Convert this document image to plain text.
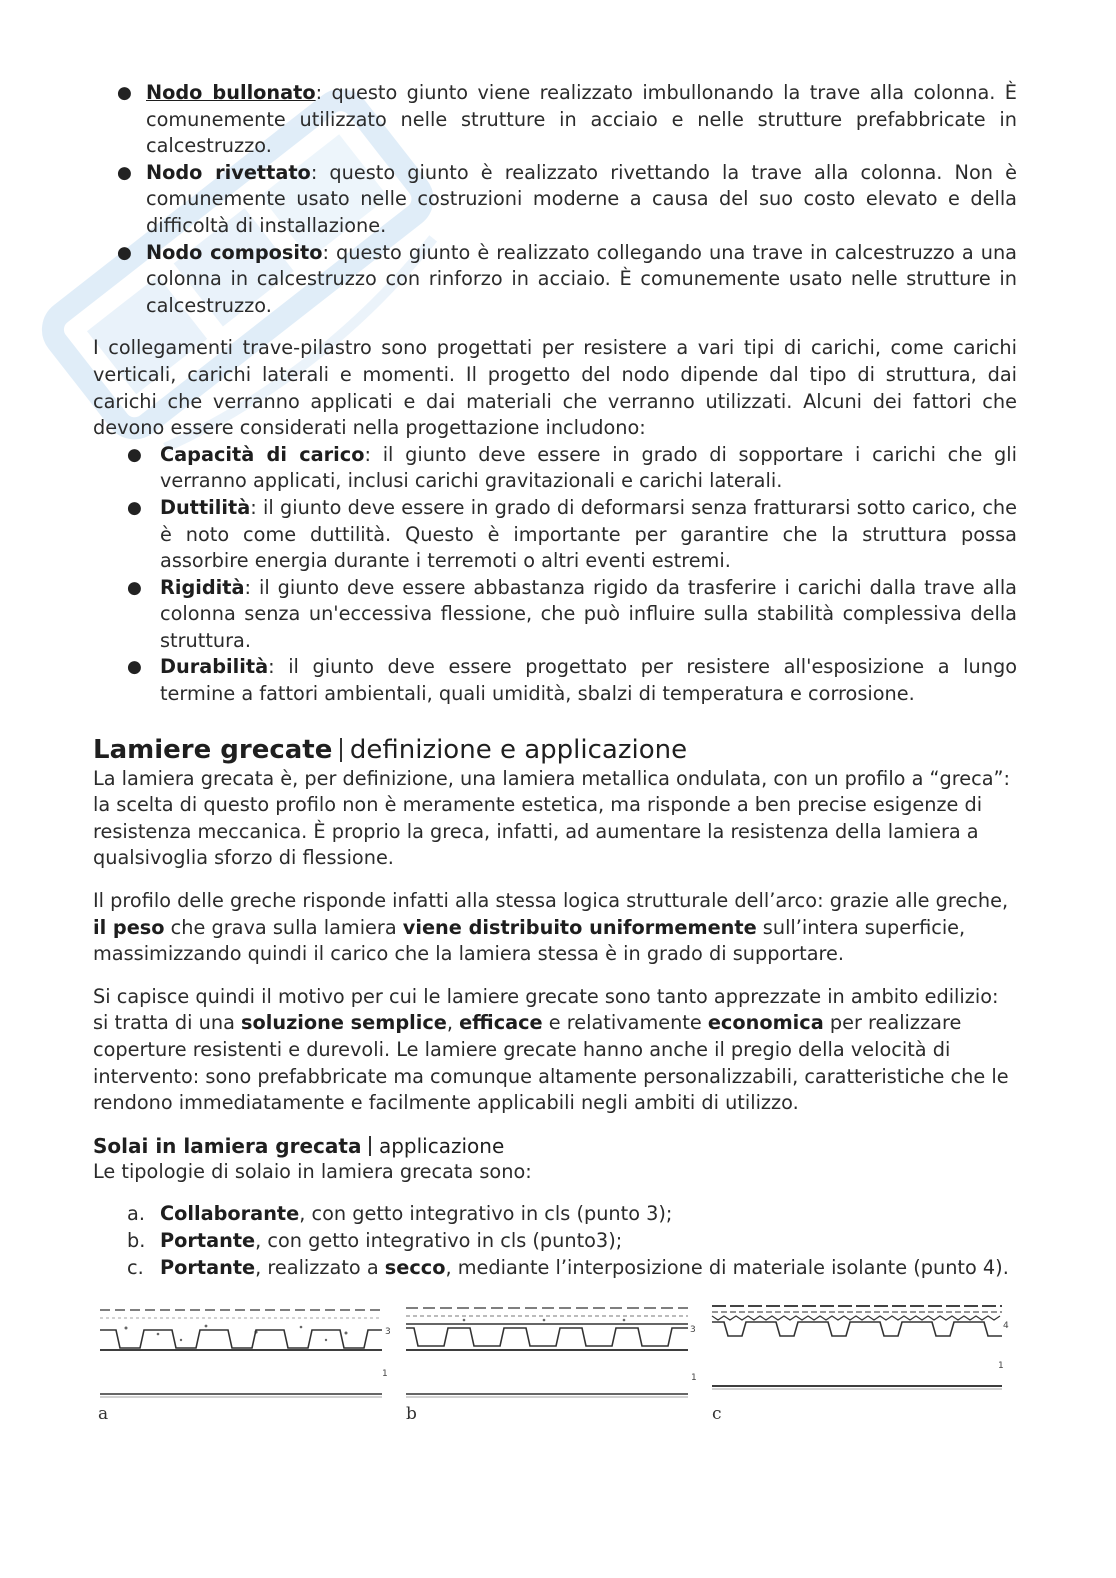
● Nodo bullonato: questo giunto viene realizzato imbullonando la trave alla colonna. È comunemente utilizzato nelle strutture in acciaio e nelle strutture prefabbricate in calcestruzzo.
● Nodo rivettato: questo giunto è realizzato rivettando la trave alla colonna. Non è comunemente usato nelle costruzioni moderne a causa del suo costo elevato e della difficoltà di installazione.
● Nodo composito: questo giunto è realizzato collegando una trave in calcestruzzo a una colonna in calcestruzzo con rinforzo in acciaio. È comunemente usato nelle strutture in calcestruzzo.

I collegamenti trave-pilastro sono progettati per resistere a vari tipi di carichi, come carichi verticali, carichi laterali e momenti. Il progetto del nodo dipende dal tipo di struttura, dai carichi che verranno applicati e dai materiali che verranno utilizzati. Alcuni dei fattori che devono essere considerati nella progettazione includono:

● Capacità di carico: il giunto deve essere in grado di sopportare i carichi che gli verranno applicati, inclusi carichi gravitazionali e carichi laterali.
● Duttilità: il giunto deve essere in grado di deformarsi senza fratturarsi sotto carico, che è noto come duttilità. Questo è importante per garantire che la struttura possa assorbire energia durante i terremoti o altri eventi estremi.
● Rigidità: il giunto deve essere abbastanza rigido da trasferire i carichi dalla trave alla colonna senza un'eccessiva flessione, che può influire sulla stabilità complessiva della struttura.
● Durabilità: il giunto deve essere progettato per resistere all'esposizione a lungo termine a fattori ambientali, quali umidità, sbalzi di temperatura e corrosione.
Lamiere grecate definizione e applicazione

La lamiera grecata è, per definizione, una lamiera metallica ondulata, con un profilo a “greca”: la scelta di questo profilo non è meramente estetica, ma risponde a ben precise esigenze di resistenza meccanica. È proprio la greca, infatti, ad aumentare la resistenza della lamiera a qualsivoglia sforzo di flessione.

Il profilo delle greche risponde infatti alla stessa logica strutturale dell’arco: grazie alle greche, il peso che grava sulla lamiera viene distribuito uniformemente sull’intera superficie, massimizzando quindi il carico che la lamiera stessa è in grado di supportare.

Si capisce quindi il motivo per cui le lamiere grecate sono tanto apprezzate in ambito edilizio: si tratta di una soluzione semplice, efficace e relativamente economica per realizzare coperture resistenti e durevoli. Le lamiere grecate hanno anche il pregio della velocità di intervento: sono prefabbricate ma comunque altamente personalizzabili, caratteristiche che le rendono immediatamente e facilmente applicabili negli ambiti di utilizzo.

Solai in lamiera grecata applicazione

Le tipologie di solaio in lamiera grecata sono:

a. Collaborante, con getto integrativo in cls (punto 3);
b. Portante, con getto integrativo in cls (punto3);
c. Portante, realizzato a secco, mediante l’interposizione di materiale isolante (punto 4).
3
1
a
3
1
b
4
1
c
